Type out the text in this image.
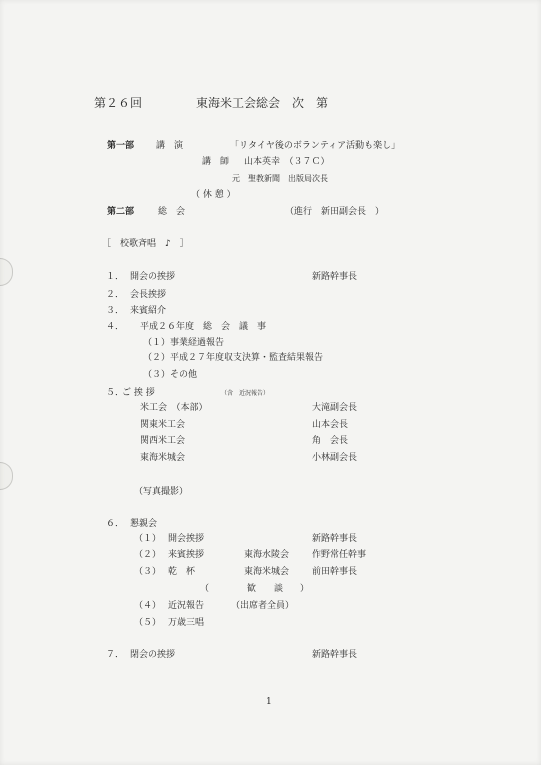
第２６回	東海米工会総会　次　第
第一部 講　演	「リタイヤ後のボランティア活動も楽し」
講　師 山本英幸　（３７Ｃ）
元　聖教新聞　出版局次長
（ 休 憩 ）
第二部	総　会	（進行　新田副会長　）
［　校歌斉唱　♪　］
１． 開会の挨拶	新路幹事長
２． 会長挨拶
３． 来賓紹介
４． 平成２６年度　総　会　議　事
（１）事業経過報告
（２）平成２７年度収支決算・監査結果報告
（３）その他
５．
ご 挨 拶	（含　近況報告）
米工会　（本部）	大滝副会長
関東米工会	山本会長
関西米工会	角　会長
東海米城会	小林副会長
（写真撮影）
６． 懇親会
（１） 開会挨拶	新路幹事長
（２） 来賓挨拶	東海水陵会	作野常任幹事
（３） 乾　杯	東海米城会	前田幹事長
（	歓　　談 ）
（４） 近況報告	（出席者全員）
（５） 万歳三唱
７． 閉会の挨拶	新路幹事長
1
